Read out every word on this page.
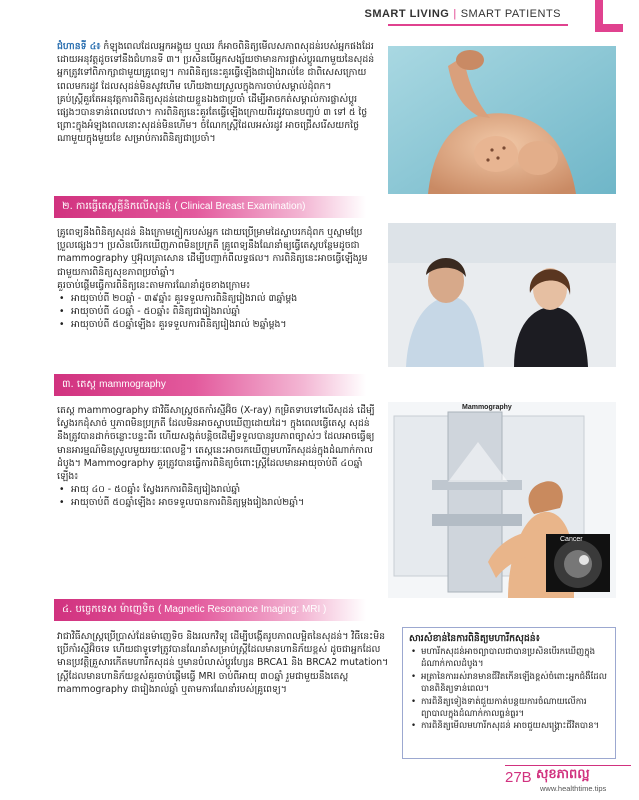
SMART LIVING | SMART PATIENTS

ជំហានទី ៤៖ កំឡុងពេលដែលអ្នកអង្គុយ ឬឈរ ក៏អាចពិនិត្យមើលសភាពសុដន់របស់អ្នកផងដែរ ដោយអនុវត្តដូចទៅនឹងជំហានទី ៣។ ប្រសិនបើអ្នកសង្ស័យថាមានការផ្លាស់ប្ដូរណាមួយនៃសុដន់ អ្នកត្រូវទៅពិភាក្សាជាមួយគ្រូពេទ្យ។ ការពិនិត្យនេះគួរធ្វើឡើងជារៀងរាល់ខែ ជាពិសេសក្រោយពេលមករដូវ ដែលសុដន់មិនសូវហើម ហើយងាយស្រួលក្នុងការចាប់សម្គាល់ដុំពក។

គ្រប់ស្ត្រីគួរតែអនុវត្តការពិនិត្យសុដន់ដោយខ្លួនឯងជាប្រចាំ ដើម្បីអាចកត់សម្គាល់ការផ្លាស់ប្ដូរផ្សេងៗបានទាន់ពេលវេលា។ ការពិនិត្យនេះគួរតែធ្វើឡើងក្រោយពីរដូវបានបញ្ចប់ ៣ ទៅ ៥ ថ្ងៃ ព្រោះក្នុងអំឡុងពេលនោះសុដន់មិនហើម។ ចំណែកស្ត្រីដែលអស់រដូវ អាចជ្រើសរើសយកថ្ងៃណាមួយក្នុងមួយខែ សម្រាប់ការពិនិត្យជាប្រចាំ។

២. ការធ្វើតេស្តគ្លីនិកលើសុដន់ ( Clinical Breast Examination)

គ្រូពេទ្យនឹងពិនិត្យសុដន់ និងក្រោមក្លៀករបស់អ្នក ដោយប្រើម្រាមដៃស្ទាបរកដុំពក ឬស្នាមប្រែប្រួលផ្សេងៗ។ ប្រសិនបើរកឃើញភាពមិនប្រក្រតី គ្រូពេទ្យនឹងណែនាំឲ្យធ្វើតេស្តបន្ថែមដូចជា mammography ឬអ៊ុលត្រាសោន ដើម្បីបញ្ជាក់ពីលទ្ធផល។ ការពិនិត្យនេះអាចធ្វើឡើងរួមជាមួយការពិនិត្យសុខភាពប្រចាំឆ្នាំ។

គួរចាប់ផ្ដើមធ្វើការពិនិត្យនេះតាមការណែនាំដូចខាងក្រោម៖

• អាយុចាប់ពី ២០ឆ្នាំ - ៣៩ឆ្នាំ៖ គួរទទួលការពិនិត្យរៀងរាល់ ៣ឆ្នាំម្ដង
• អាយុចាប់ពី ៤០ឆ្នាំ - ៥០ឆ្នាំ៖ ពិនិត្យជារៀងរាល់ឆ្នាំ
• អាយុចាប់ពី ៥០ឆ្នាំឡើង៖ គួរទទួលការពិនិត្យរៀងរាល់ ២ឆ្នាំម្ដង។
៣. តេស្ត mammography

តេស្ត mammography ជាវិធីសាស្ត្រថតកាំរស្មីអ៊ិច (X-ray) កម្រិតទាបទៅលើសុដន់ ដើម្បីស្វែងរកដុំសាច់ ឬភាពមិនប្រក្រតី ដែលមិនអាចស្ទាបឃើញដោយដៃ។ ក្នុងពេលធ្វើតេស្ត សុដន់នឹងត្រូវបានដាក់ចន្លោះបន្ទះពីរ ហើយសង្កត់បន្តិចដើម្បីទទួលបានរូបភាពច្បាស់ៗ ដែលអាចធ្វើឲ្យមានអារម្មណ៍មិនស្រួលមួយរយៈពេលខ្លី។ តេស្តនេះអាចរកឃើញមហារីកសុដន់ក្នុងដំណាក់កាលដំបូង។ Mammography គួរត្រូវបានធ្វើការពិនិត្យចំពោះស្ត្រីដែលមានអាយុចាប់ពី ៤០ឆ្នាំឡើង៖

• អាយុ ៤០ - ៥០ឆ្នាំ៖ ស្វែងរកការពិនិត្យរៀងរាល់ឆ្នាំ
• អាយុចាប់ពី ៥០ឆ្នាំឡើង៖ អាចទទួលបានការពិនិត្យម្ដងរៀងរាល់២ឆ្នាំ។
Mammography
Cancer
៤. បច្ចេកទេស ម៉ាញេទិច ( Magnetic Resonance Imaging: MRI )

វាជាវិធីសាស្ត្រប្រើប្រាស់ដែនម៉ាញេទិច និងរលកវិទ្យុ ដើម្បីបង្កើតរូបភាពលម្អិតនៃសុដន់។ វិធីនេះមិនប្រើកាំរស្មីអ៊ិចទេ ហើយជាទូទៅត្រូវបានណែនាំសម្រាប់ស្ត្រីដែលមានហានិភ័យខ្ពស់ ដូចជាអ្នកដែលមានប្រវត្តិគ្រួសារកើតមហារីកសុដន់ ឬមានបំលាស់ប្ដូរហ្សែន BRCA1 និង BRCA2 mutation។ ស្ត្រីដែលមានហានិភ័យខ្ពស់គួរចាប់ផ្ដើមធ្វើ MRI ចាប់ពីអាយុ ៣០ឆ្នាំ រួមជាមួយនឹងតេស្ត mammography ជារៀងរាល់ឆ្នាំ ឬតាមការណែនាំរបស់គ្រូពេទ្យ។

សារសំខាន់នៃការពិនិត្យមហារីកសុដន់៖
• មហារីកសុដន់អាចព្យាបាលជាបានប្រសិនបើរកឃើញក្នុងដំណាក់កាលដំបូង។
• អត្រានៃការរស់រានមានជីវិតកើនឡើងខ្ពស់ចំពោះអ្នកជំងឺដែលបានពិនិត្យទាន់ពេល។
• ការពិនិត្យទៀងទាត់ជួយកាត់បន្ថយការចំណាយលើការព្យាបាលក្នុងដំណាក់កាលធ្ងន់ធ្ងរ។
• ការពិនិត្យមើលមហារីកសុដន់ អាចជួយសង្គ្រោះជីវិតបាន។
27B សុខភាពល្អ
www.healthtime.tips
